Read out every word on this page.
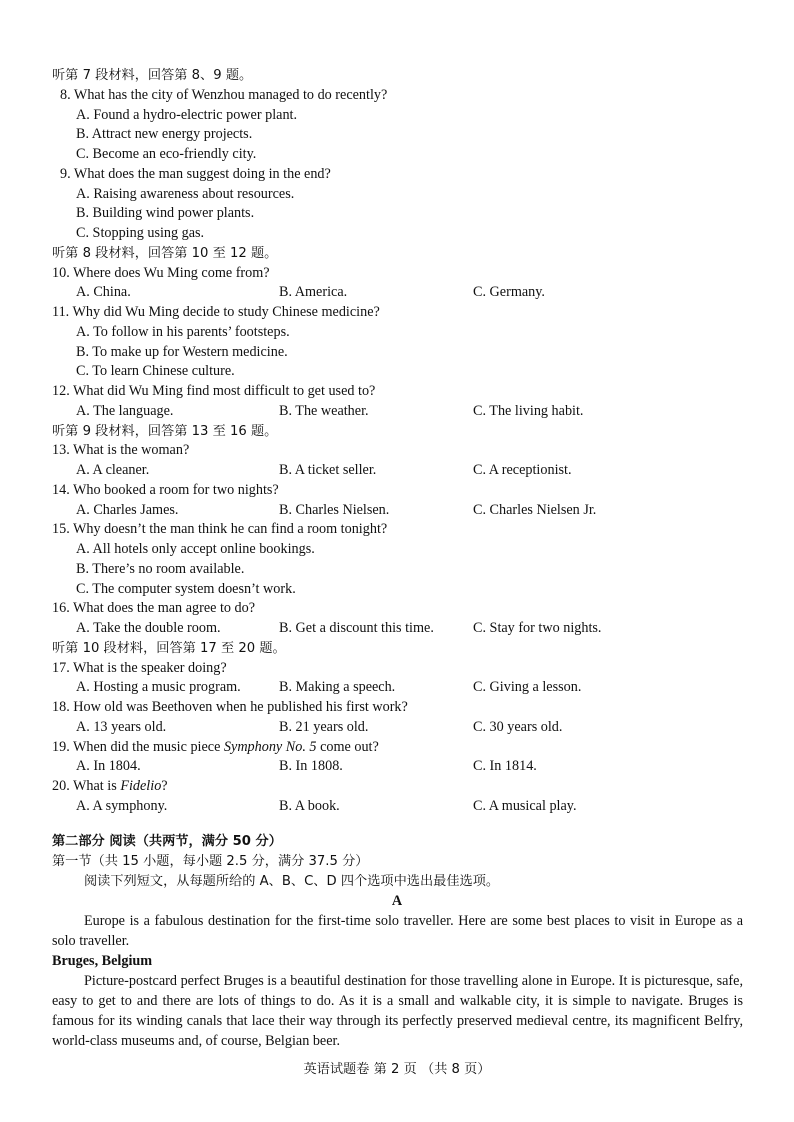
听第 7 段材料，回答第 8、9 题。
8. What has the city of Wenzhou managed to do recently?
A. Found a hydro-electric power plant.
B. Attract new energy projects.
C. Become an eco-friendly city.
9. What does the man suggest doing in the end?
A. Raising awareness about resources.
B. Building wind power plants.
C. Stopping using gas.
听第 8 段材料，回答第 10 至 12 题。
10. Where does Wu Ming come from?
A. China.	B. America.	C. Germany.
11. Why did Wu Ming decide to study Chinese medicine?
A. To follow in his parents’ footsteps.
B. To make up for Western medicine.
C. To learn Chinese culture.
12. What did Wu Ming find most difficult to get used to?
A. The language.	B. The weather.	C. The living habit.
听第 9 段材料，回答第 13 至 16 题。
13. What is the woman?
A. A cleaner.	B. A ticket seller.	C. A receptionist.
14. Who booked a room for two nights?
A. Charles James.	B. Charles Nielsen.	C. Charles Nielsen Jr.
15. Why doesn’t the man think he can find a room tonight?
A. All hotels only accept online bookings.
B. There’s no room available.
C. The computer system doesn’t work.
16. What does the man agree to do?
A. Take the double room.	B. Get a discount this time.	C. Stay for two nights.
听第 10 段材料，回答第 17 至 20 题。
17. What is the speaker doing?
A. Hosting a music program.	B. Making a speech.	C. Giving a lesson.
18. How old was Beethoven when he published his first work?
A. 13 years old.	B. 21 years old.	C. 30 years old.
19. When did the music piece Symphony No. 5 come out?
A. In 1804.	B. In 1808.	C. In 1814.
20. What is Fidelio?
A. A symphony.	B. A book.	C. A musical play.
第二部分 阅读（共两节，满分 50 分）
第一节（共 15 小题，每小题 2.5 分，满分 37.5 分）
阅读下列短文，从每题所给的 A、B、C、D 四个选项中选出最佳选项。
A

Europe is a fabulous destination for the first-time solo traveller. Here are some best places to visit in Europe as a solo traveller.

Bruges, Belgium

Picture-postcard perfect Bruges is a beautiful destination for those travelling alone in Europe. It is picturesque, safe, easy to get to and there are lots of things to do. As it is a small and walkable city, it is simple to navigate. Bruges is famous for its winding canals that lace their way through its perfectly preserved medieval centre, its magnificent Belfry, world-class museums and, of course, Belgian beer.

英语试题卷 第 2 页 （共 8 页）
